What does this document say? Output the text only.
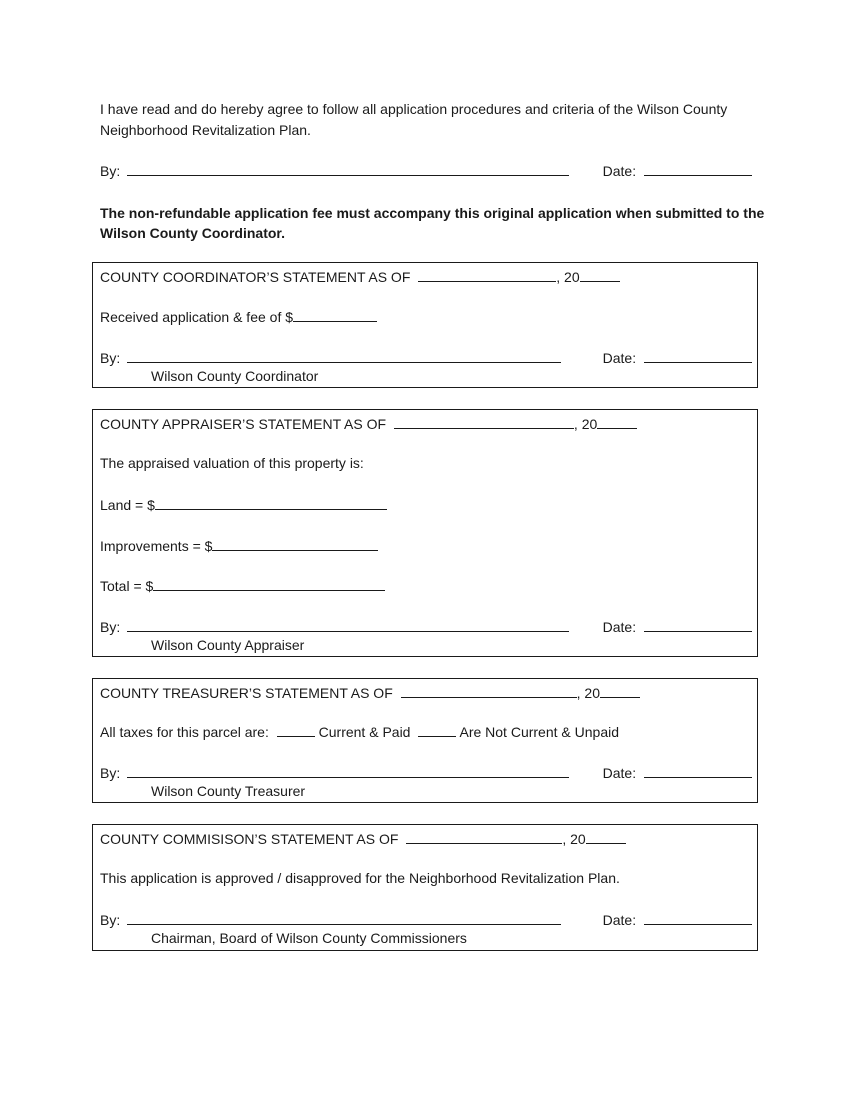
I have read and do hereby agree to follow all application procedures and criteria of the Wilson County Neighborhood Revitalization Plan.
By:	Date:
The non-refundable application fee must accompany this original application when submitted to the Wilson County Coordinator.
COUNTY COORDINATOR’S STATEMENT AS OF	, 20
Received application & fee of $
By:	Date:
Wilson County Coordinator
COUNTY APPRAISER’S STATEMENT AS OF	, 20
The appraised valuation of this property is:
Land = $
Improvements = $
Total = $
By:	Date:
Wilson County Appraiser
COUNTY TREASURER’S STATEMENT AS OF	, 20
All taxes for this parcel are:	Current & Paid	Are Not Current & Unpaid
By:	Date:
Wilson County Treasurer
COUNTY COMMISISON’S STATEMENT AS OF	, 20
This application is approved / disapproved for the Neighborhood Revitalization Plan.
By:	Date:
Chairman, Board of Wilson County Commissioners
